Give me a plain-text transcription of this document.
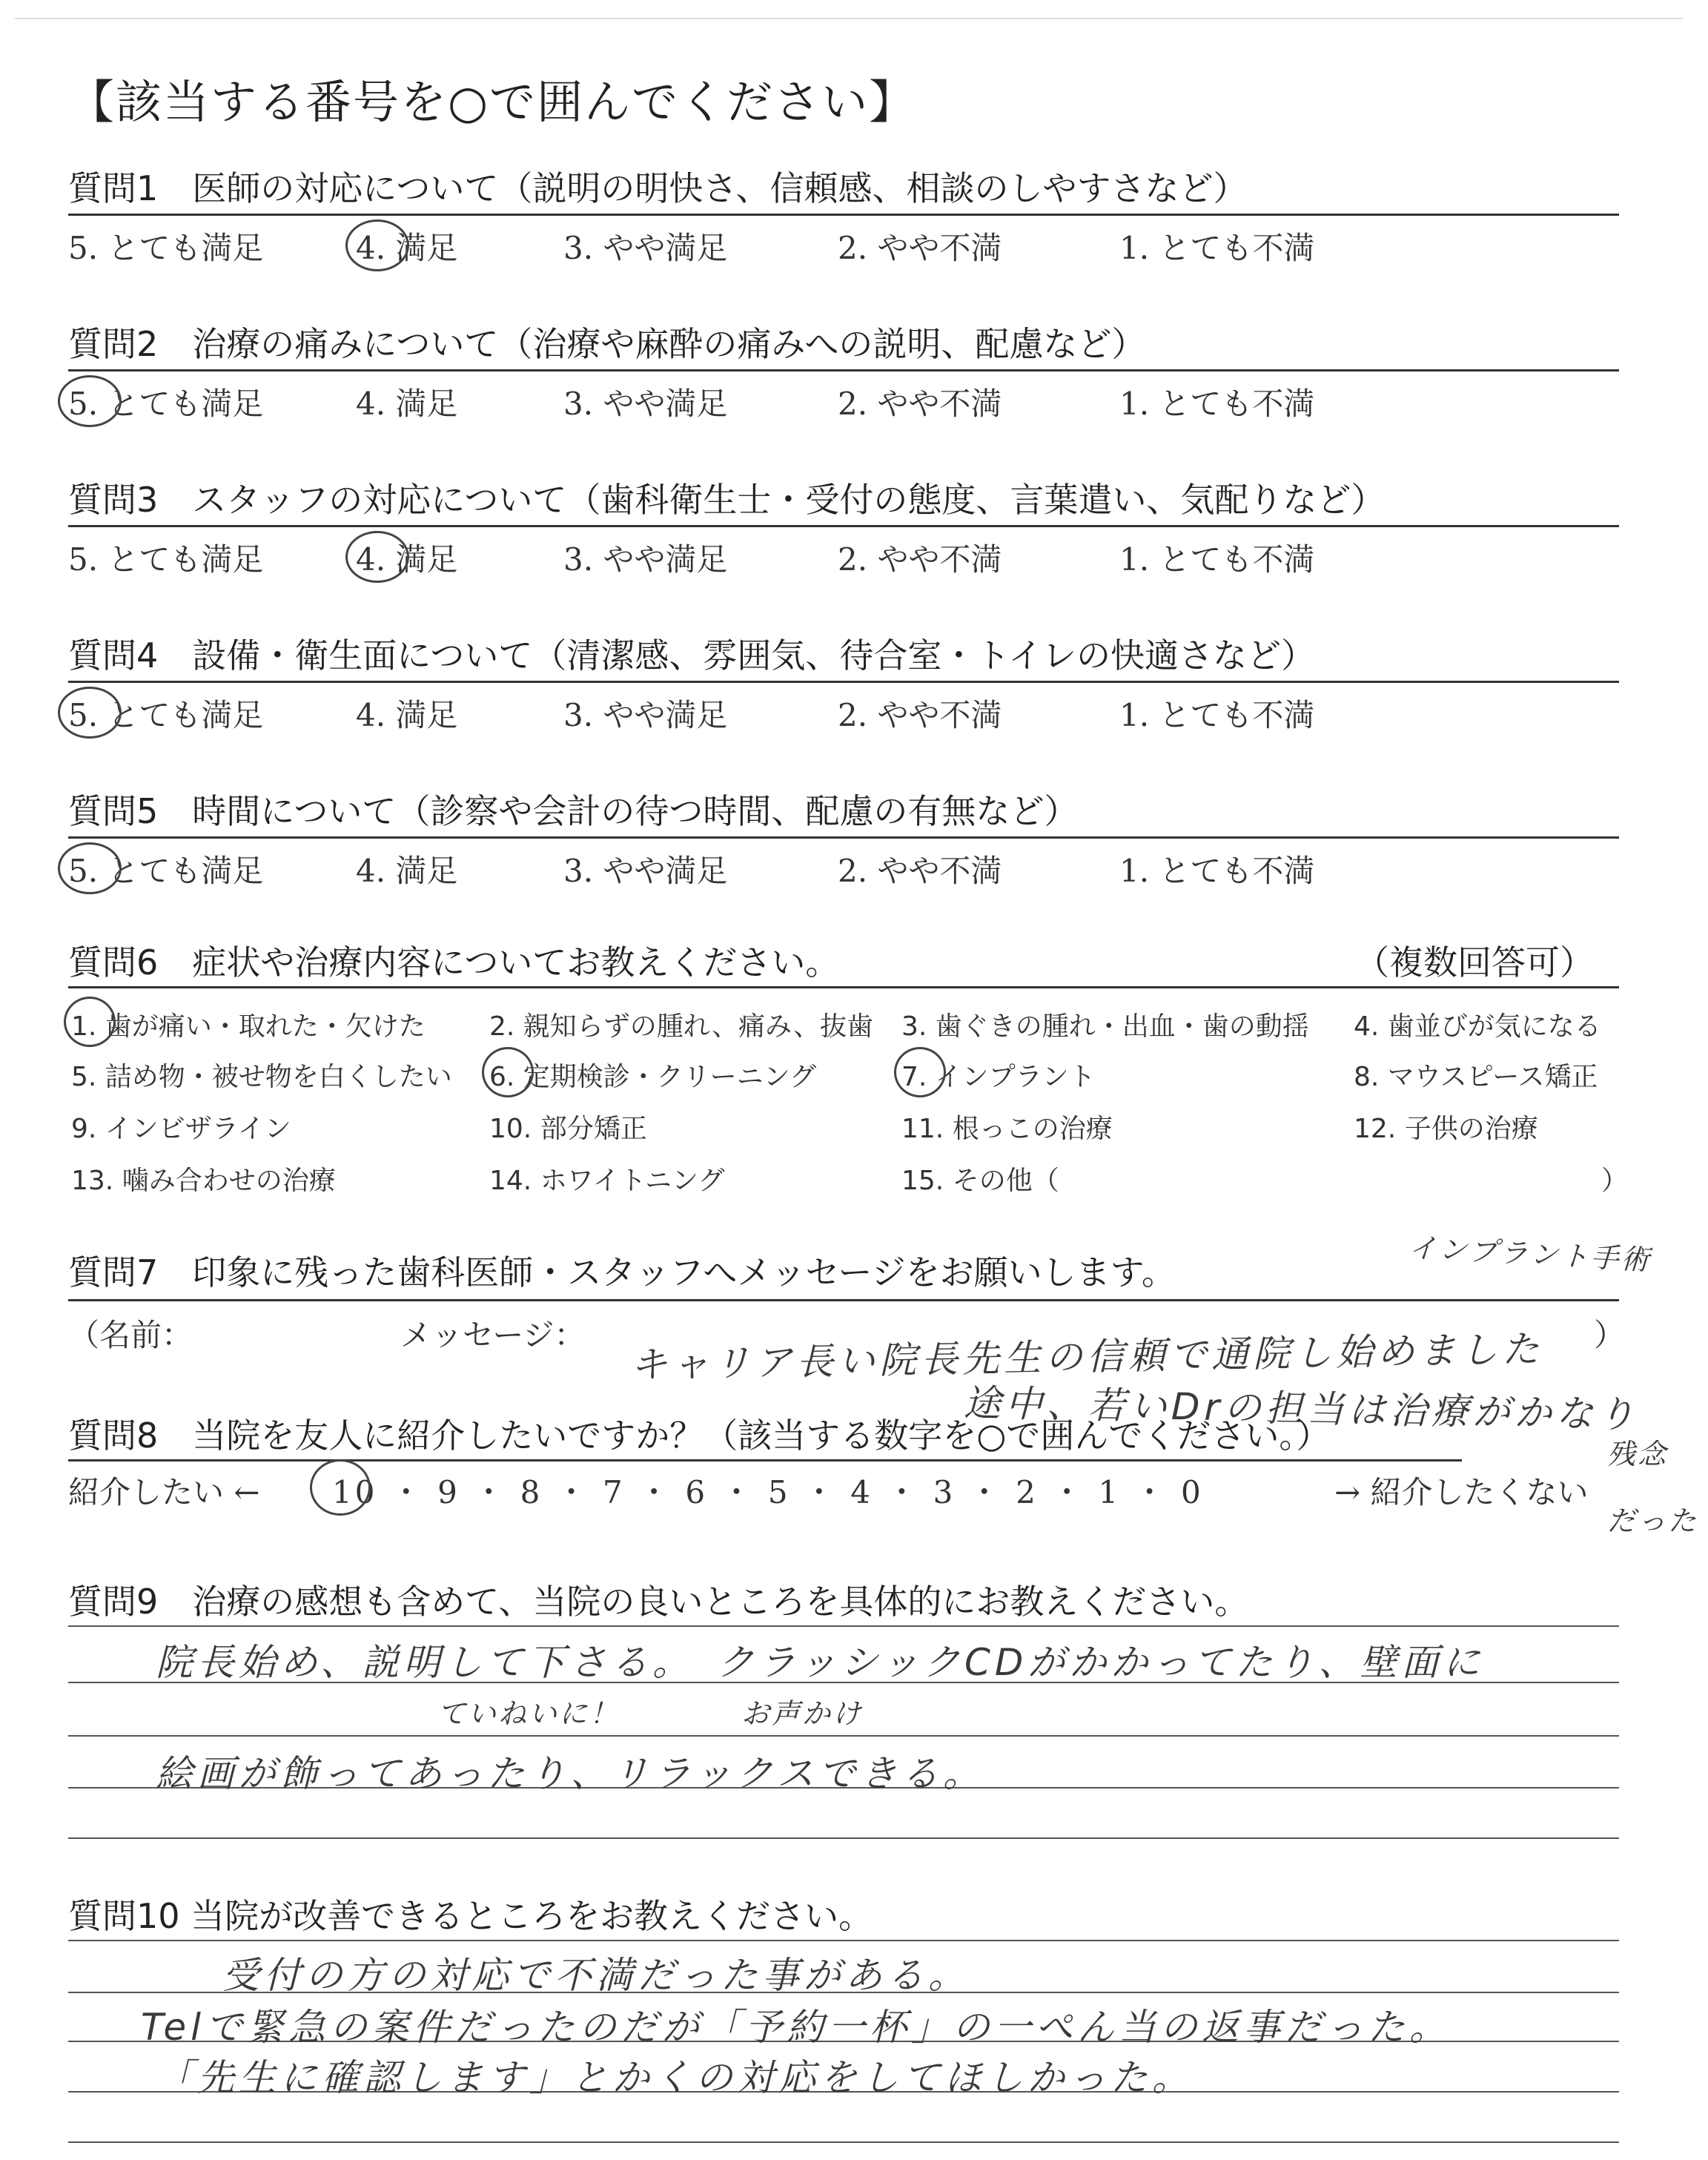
【該当する番号を○で囲んでください】
質問1　医師の対応について（説明の明快さ、信頼感、相談のしやすさなど）
5. とても満足	4. 満足	3. やや満足	2. やや不満	1. とても不満
質問2　治療の痛みについて（治療や麻酔の痛みへの説明、配慮など）
5. とても満足	4. 満足	3. やや満足	2. やや不満	1. とても不満
質問3　スタッフの対応について（歯科衛生士・受付の態度、言葉遣い、気配りなど）
5. とても満足	4. 満足	3. やや満足	2. やや不満	1. とても不満
質問4　設備・衛生面について（清潔感、雰囲気、待合室・トイレの快適さなど）
5. とても満足	4. 満足	3. やや満足	2. やや不満	1. とても不満
質問5　時間について（診察や会計の待つ時間、配慮の有無など）
5. とても満足	4. 満足	3. やや満足	2. やや不満	1. とても不満
質問6　症状や治療内容についてお教えください。	（複数回答可）
1. 歯が痛い・取れた・欠けた 2. 親知らずの腫れ、痛み、抜歯 3. 歯ぐきの腫れ・出血・歯の動揺 4. 歯並びが気になる
5. 詰め物・被せ物を白くしたい 6. 定期検診・クリーニング	7. インプラント	8. マウスピース矯正
9. インビザライン	10. 部分矯正	11. 根っこの治療	12. 子供の治療
13. 噛み合わせの治療	14. ホワイトニング	15. その他（	）
質問7　印象に残った歯科医師・スタッフへメッセージをお願いします。
（名前：	メッセージ：	）
インプラント手術
キャリア長い院長先生の信頼で通院し始めました
途中、若いDrの担当は治療がかなり
残念
だった
質問8　当院を友人に紹介したいですか？（該当する数字を○で囲んでください。）
紹介したい ← 10 ・ 9 ・ 8 ・ 7 ・ 6 ・ 5 ・ 4 ・ 3 ・ 2 ・ 1 ・ 0	→ 紹介したくない
質問9　治療の感想も含めて、当院の良いところを具体的にお教えください。
院長始め、説明して下さる。　クラッシックCDがかかってたり、壁面に
ていねいに！　　　　お声かけ
絵画が飾ってあったり、リラックスできる。
質問10 当院が改善できるところをお教えください。
受付の方の対応で不満だった事がある。
Telで緊急の案件だったのだが「予約一杯」の一ぺん当の返事だった。
「先生に確認します」とかくの対応をしてほしかった。
